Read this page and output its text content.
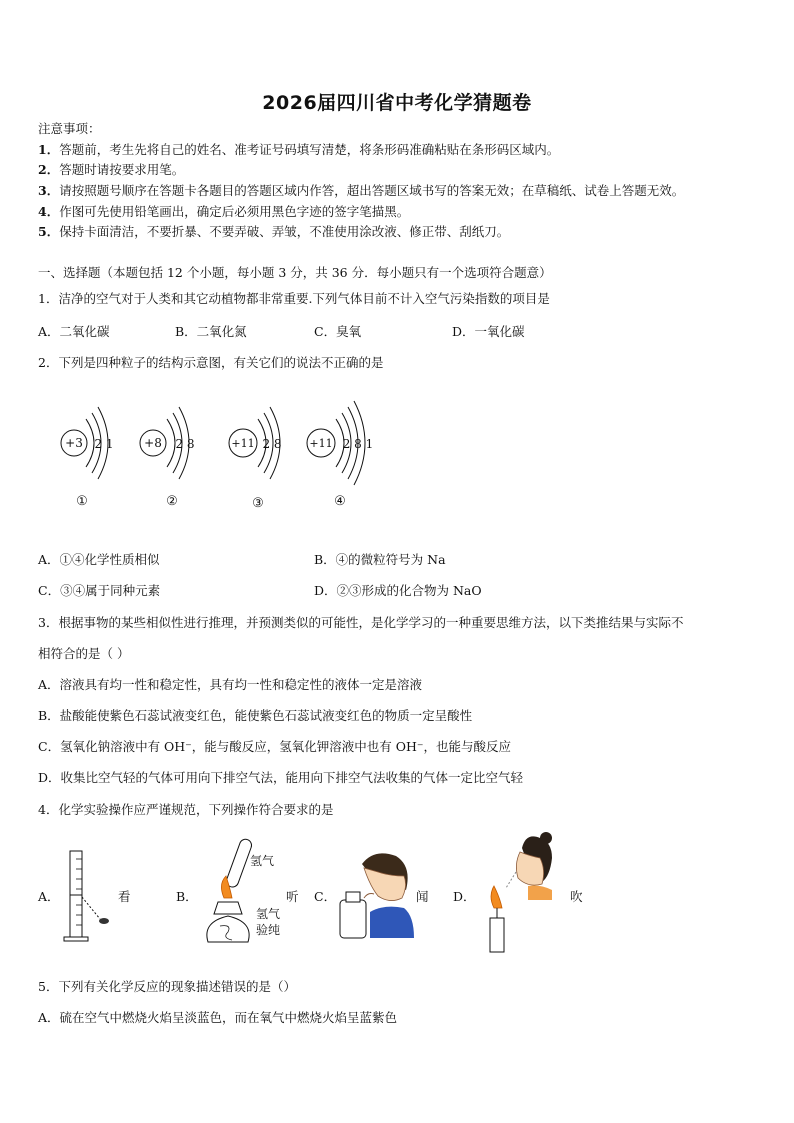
2026届四川省中考化学猜题卷
注意事项：
1．答题前，考生先将自己的姓名、准考证号码填写清楚，将条形码准确粘贴在条形码区域内。
2．答题时请按要求用笔。
3．请按照题号顺序在答题卡各题目的答题区域内作答，超出答题区域书写的答案无效；在草稿纸、试卷上答题无效。
4．作图可先使用铅笔画出，确定后必须用黑色字迹的签字笔描黑。
5．保持卡面清洁，不要折暴、不要弄破、弄皱，不准使用涂改液、修正带、刮纸刀。
一、选择题（本题包括 12 个小题，每小题 3 分，共 36 分．每小题只有一个选项符合题意）
1．洁净的空气对于人类和其它动植物都非常重要.下列气体目前不计入空气污染指数的项目是
A．二氧化碳	B．二氧化氮	C．臭氧	D．一氧化碳
2．下列是四种粒子的结构示意图，有关它们的说法不正确的是
+3 2 1
①
+8 2 8
②
+11 2 8
③
+11 2 8 1
④
A．①④化学性质相似	B．④的微粒符号为 Na
C．③④属于同种元素	D．②③形成的化合物为 NaO
3．根据事物的某些相似性进行推理，并预测类似的可能性，是化学学习的一种重要思维方法，以下类推结果与实际不
相符合的是（ ）
A．溶液具有均一性和稳定性，具有均一性和稳定性的液体一定是溶液
B．盐酸能使紫色石蕊试液变红色，能使紫色石蕊试液变红色的物质一定呈酸性
C．氢氧化钠溶液中有 OH⁻，能与酸反应，氢氧化钾溶液中也有 OH⁻，也能与酸反应
D．收集比空气轻的气体可用向下排空气法，能用向下排空气法收集的气体一定比空气轻
4．化学实验操作应严谨规范，下列操作符合要求的是
A．	看	B．
氢气
氢气
验纯
听 C．	闻 D．	吹
5．下列有关化学反应的现象描述错误的是（）
A．硫在空气中燃烧火焰呈淡蓝色，而在氧气中燃烧火焰呈蓝紫色
